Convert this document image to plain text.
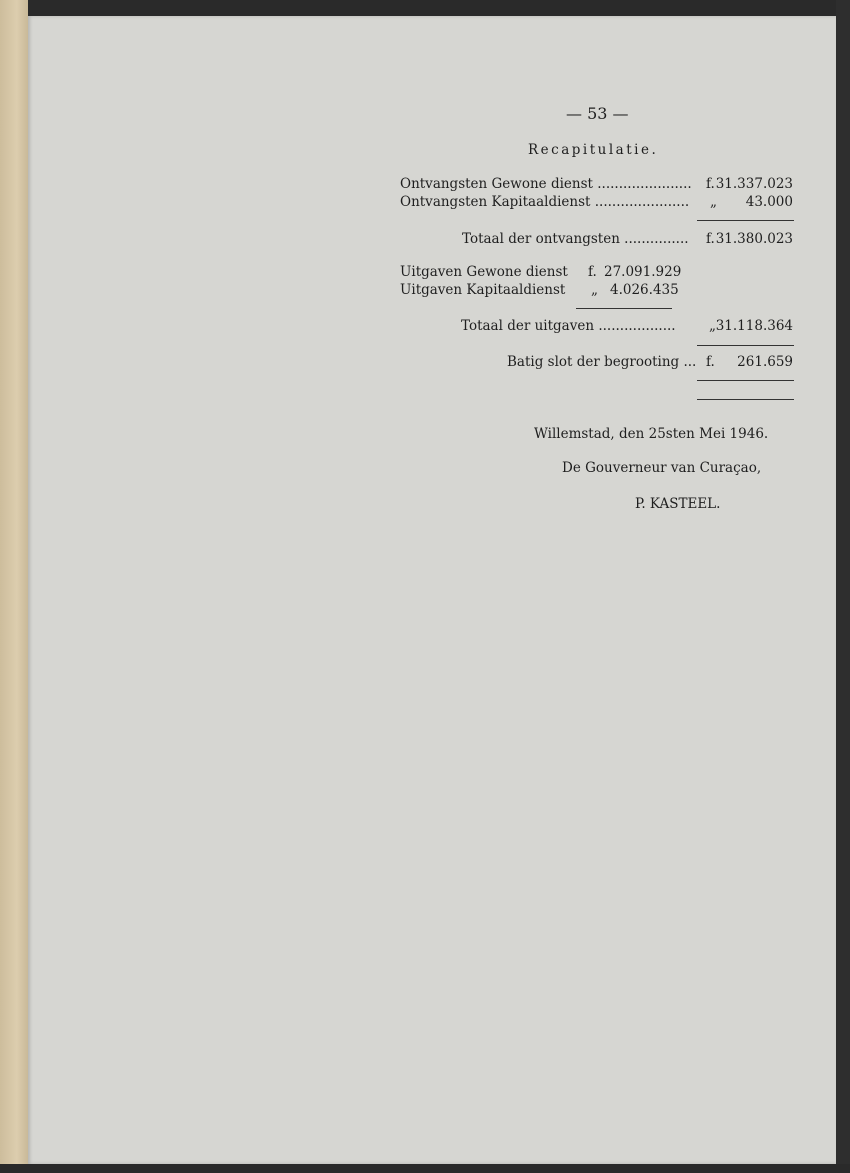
— 53 —
Recapitulatie.
Ontvangsten Gewone dienst ...................... f. 31.337.023
Ontvangsten Kapitaaldienst ...................... „ 43.000
Totaal der ontvangsten ............... f. 31.380.023
Uitgaven Gewone dienst f. 27.091.929
Uitgaven Kapitaaldienst „ 4.026.435
Totaal der uitgaven .................. „ 31.118.364
Batig slot der begrooting ... f. 261.659
Willemstad, den 25sten Mei 1946.
De Gouverneur van Curaçao,
P. KASTEEL.
